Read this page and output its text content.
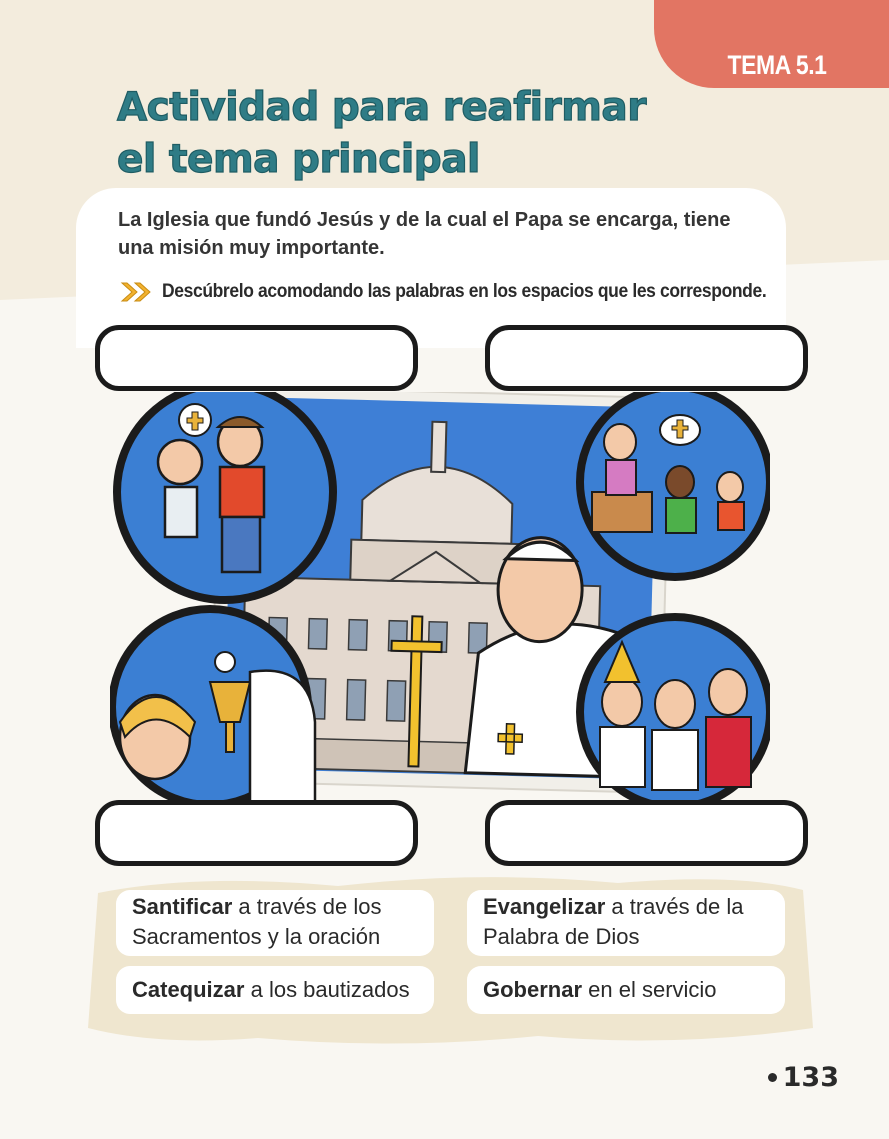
TEMA 5.1
Actividad para reafirmar
el tema principal

La Iglesia que fundó Jesús y de la cual el Papa se encarga, tiene una misión muy importante.

Descúbrelo acomodando las palabras en los espacios que les corresponde.
Santificar a través de los
Sacramentos y la oración
Evangelizar a través de la
Palabra de Dios
Catequizar a los bautizados	Gobernar en el servicio
133
